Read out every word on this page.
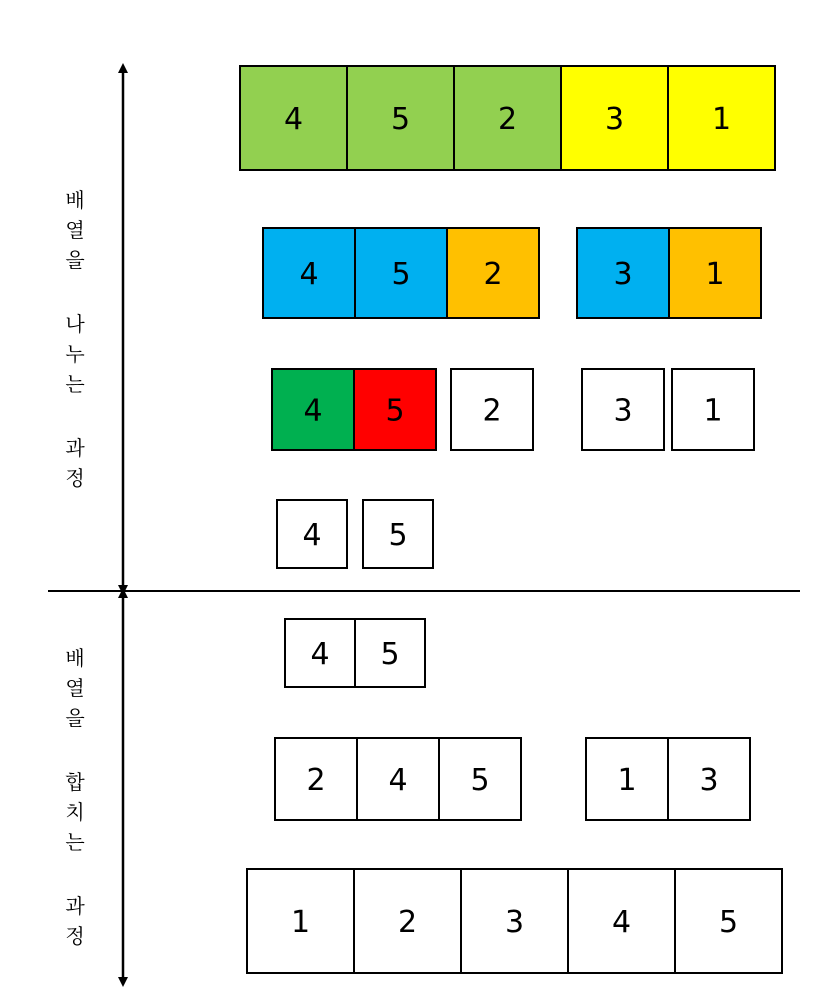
4	5	2	3	1
4 5 2	3 1
4 5	2	3 1
4 5
4 5
2 4 5	1 3
1	2	3	4	5
배
열
을
나
누
는
과
정
배
열
을
합
치
는
과
정
